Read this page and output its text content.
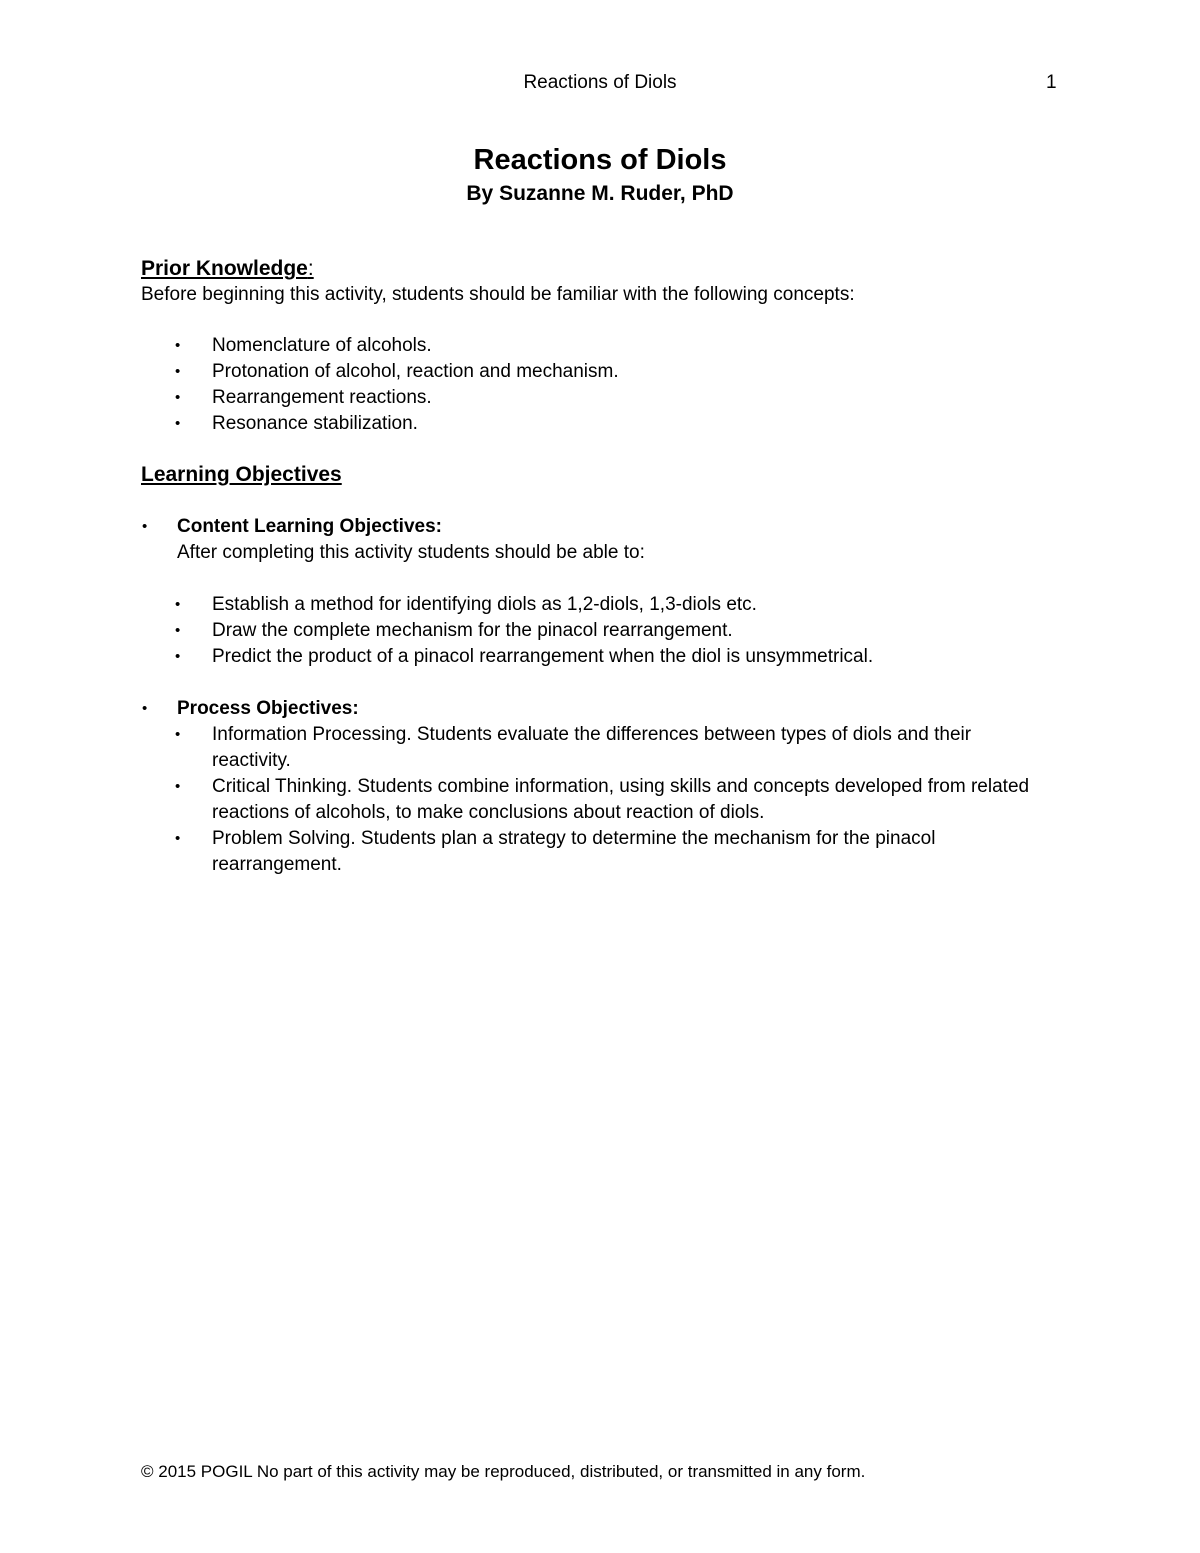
Reactions of Diols	1
Reactions of Diols
By Suzanne M. Ruder, PhD
Prior Knowledge:
Before beginning this activity, students should be familiar with the following concepts:
• Nomenclature of alcohols.
• Protonation of alcohol, reaction and mechanism.
• Rearrangement reactions.
• Resonance stabilization.
Learning Objectives
• Content Learning Objectives:
After completing this activity students should be able to:
• Establish a method for identifying diols as 1,2-diols, 1,3-diols etc.
• Draw the complete mechanism for the pinacol rearrangement.
• Predict the product of a pinacol rearrangement when the diol is unsymmetrical.
• Process Objectives:
• Information Processing. Students evaluate the differences between types of diols and their reactivity.
• Critical Thinking. Students combine information, using skills and concepts developed from related reactions of alcohols, to make conclusions about reaction of diols.
• Problem Solving. Students plan a strategy to determine the mechanism for the pinacol rearrangement.
© 2015 POGIL No part of this activity may be reproduced, distributed, or transmitted in any form.
